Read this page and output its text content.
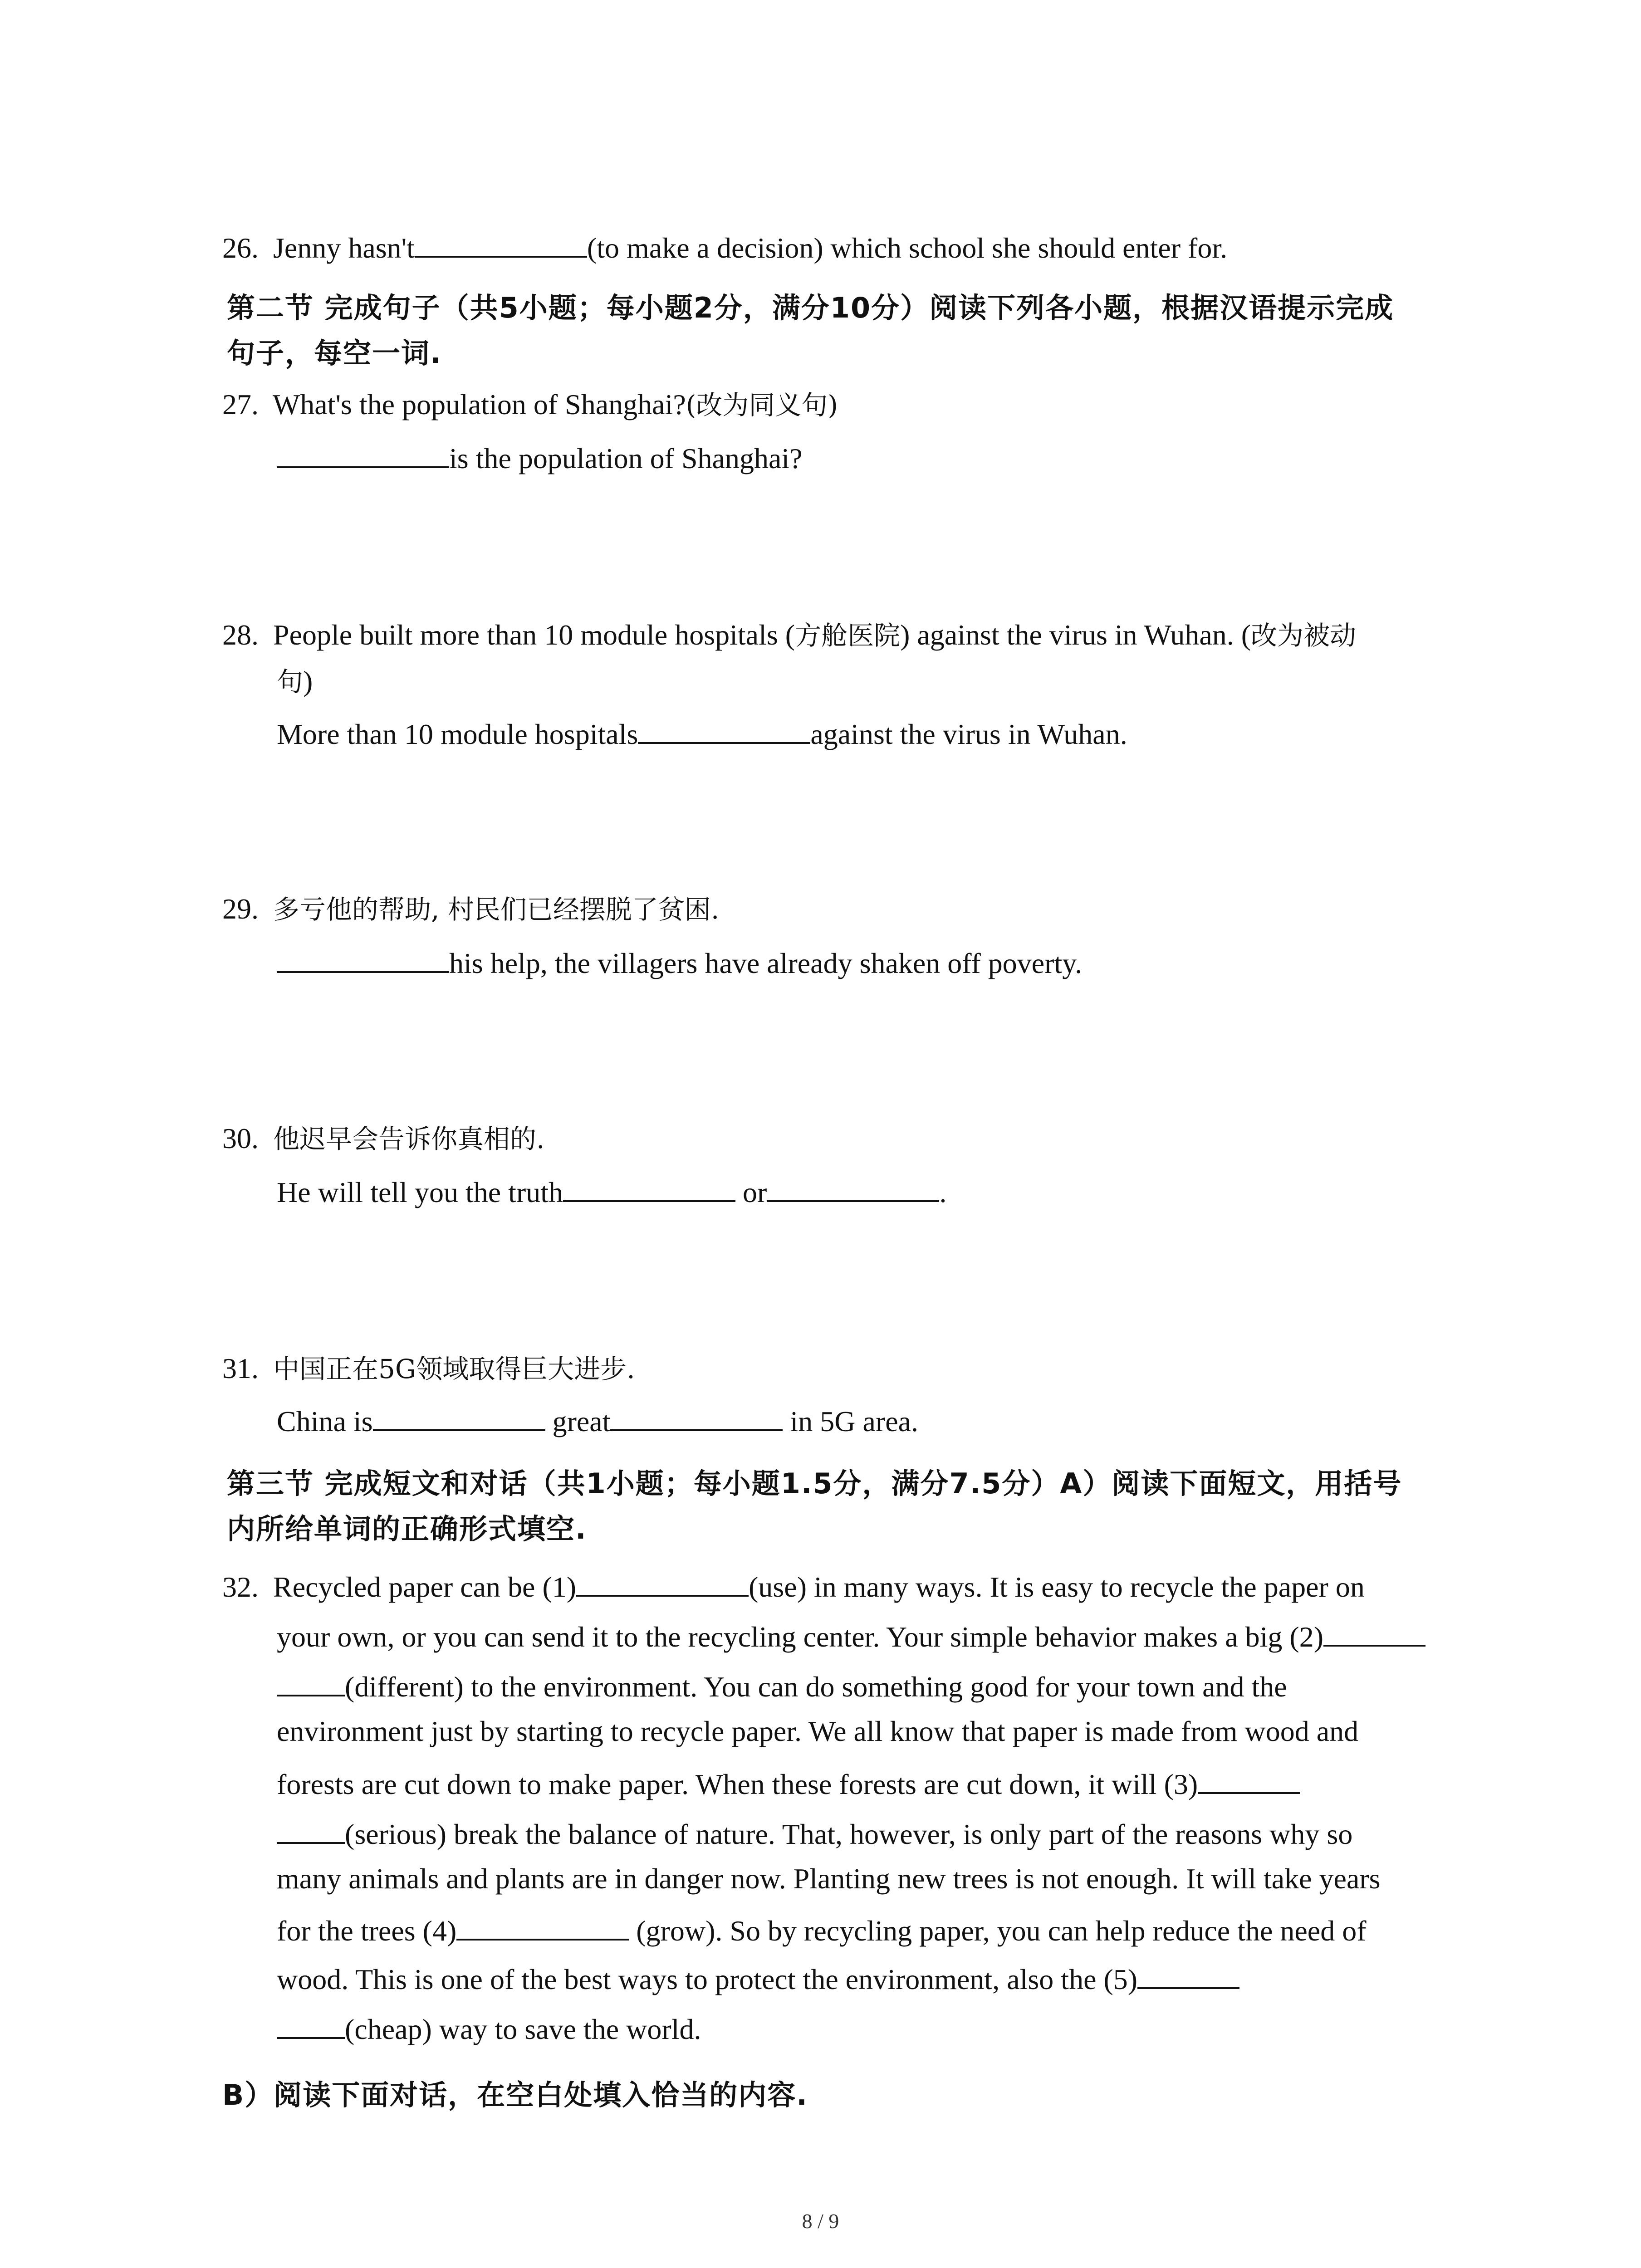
26. Jenny hasn't	(to make a decision) which school she should enter for.
第二节 完成句子（共5小题；每小题2分，满分10分）阅读下列各小题，根据汉语提示完成
句子，每空一词.
27. What's the population of Shanghai?(改为同义句)
is the population of Shanghai?
28. People built more than 10 module hospitals (方舱医院) against the virus in Wuhan. (改为被动
句)
More than 10 module hospitals	against the virus in Wuhan.
29. 多亏他的帮助, 村民们已经摆脱了贫困.
his help, the villagers have already shaken off poverty.
30. 他迟早会告诉你真相的.
He will tell you the truth	or	.
31. 中国正在5G领域取得巨大进步.
China is	great	in 5G area.
第三节 完成短文和对话（共1小题；每小题1.5分，满分7.5分）A）阅读下面短文，用括号
内所给单词的正确形式填空.
32. Recycled paper can be (1)	(use) in many ways. It is easy to recycle the paper on
your own, or you can send it to the recycling center. Your simple behavior makes a big (2)
(different) to the environment. You can do something good for your town and the
environment just by starting to recycle paper. We all know that paper is made from wood and
forests are cut down to make paper. When these forests are cut down, it will (3)
(serious) break the balance of nature. That, however, is only part of the reasons why so
many animals and plants are in danger now. Planting new trees is not enough. It will take years
for the trees (4)	(grow). So by recycling paper, you can help reduce the need of
wood. This is one of the best ways to protect the environment, also the (5)
(cheap) way to save the world.
B）阅读下面对话，在空白处填入恰当的内容.
8 / 9
